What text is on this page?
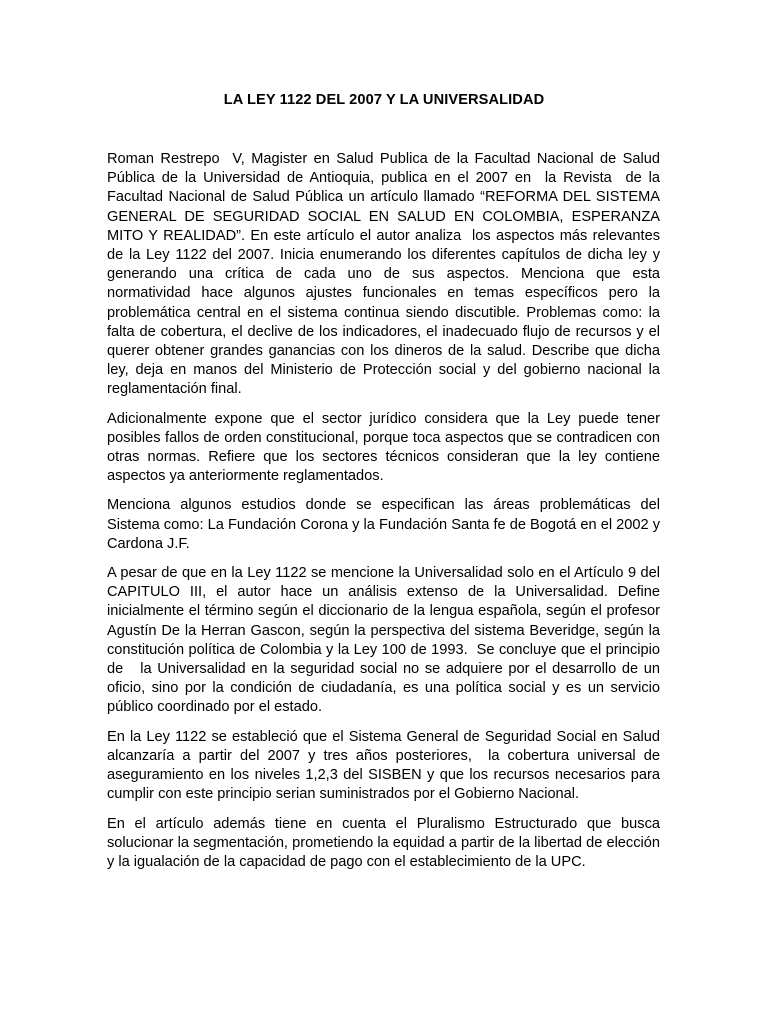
LA LEY 1122 DEL 2007 Y LA UNIVERSALIDAD

Roman Restrepo  V, Magister en Salud Publica de la Facultad Nacional de Salud Pública de la Universidad de Antioquia, publica en el 2007 en  la Revista  de la Facultad Nacional de Salud Pública un artículo llamado “REFORMA DEL SISTEMA GENERAL DE SEGURIDAD SOCIAL EN SALUD EN COLOMBIA, ESPERANZA MITO Y REALIDAD”. En este artículo el autor analiza  los aspectos más relevantes de la Ley 1122 del 2007. Inicia enumerando los diferentes capítulos de dicha ley y generando una crítica de cada uno de sus aspectos. Menciona que esta normatividad hace algunos ajustes funcionales en temas específicos pero la problemática central en el sistema continua siendo discutible. Problemas como: la falta de cobertura, el declive de los indicadores, el inadecuado flujo de recursos y el querer obtener grandes ganancias con los dineros de la salud. Describe que dicha ley, deja en manos del Ministerio de Protección social y del gobierno nacional la reglamentación final.

Adicionalmente expone que el sector jurídico considera que la Ley puede tener posibles fallos de orden constitucional, porque toca aspectos que se contradicen con otras normas. Refiere que los sectores técnicos consideran que la ley contiene aspectos ya anteriormente reglamentados.

Menciona algunos estudios donde se especifican las áreas problemáticas del Sistema como: La Fundación Corona y la Fundación Santa fe de Bogotá en el 2002 y Cardona J.F.

A pesar de que en la Ley 1122 se mencione la Universalidad solo en el Artículo 9 del CAPITULO III, el autor hace un análisis extenso de la Universalidad. Define inicialmente el término según el diccionario de la lengua española, según el profesor Agustín De la Herran Gascon, según la perspectiva del sistema Beveridge, según la constitución política de Colombia y la Ley 100 de 1993.  Se concluye que el principio de   la Universalidad en la seguridad social no se adquiere por el desarrollo de un oficio, sino por la condición de ciudadanía, es una política social y es un servicio público coordinado por el estado.

En la Ley 1122 se estableció que el Sistema General de Seguridad Social en Salud alcanzaría a partir del 2007 y tres años posteriores,  la cobertura universal de aseguramiento en los niveles 1,2,3 del SISBEN y que los recursos necesarios para cumplir con este principio serian suministrados por el Gobierno Nacional.

En el artículo además tiene en cuenta el Pluralismo Estructurado que busca solucionar la segmentación, prometiendo la equidad a partir de la libertad de elección y la igualación de la capacidad de pago con el establecimiento de la UPC.
